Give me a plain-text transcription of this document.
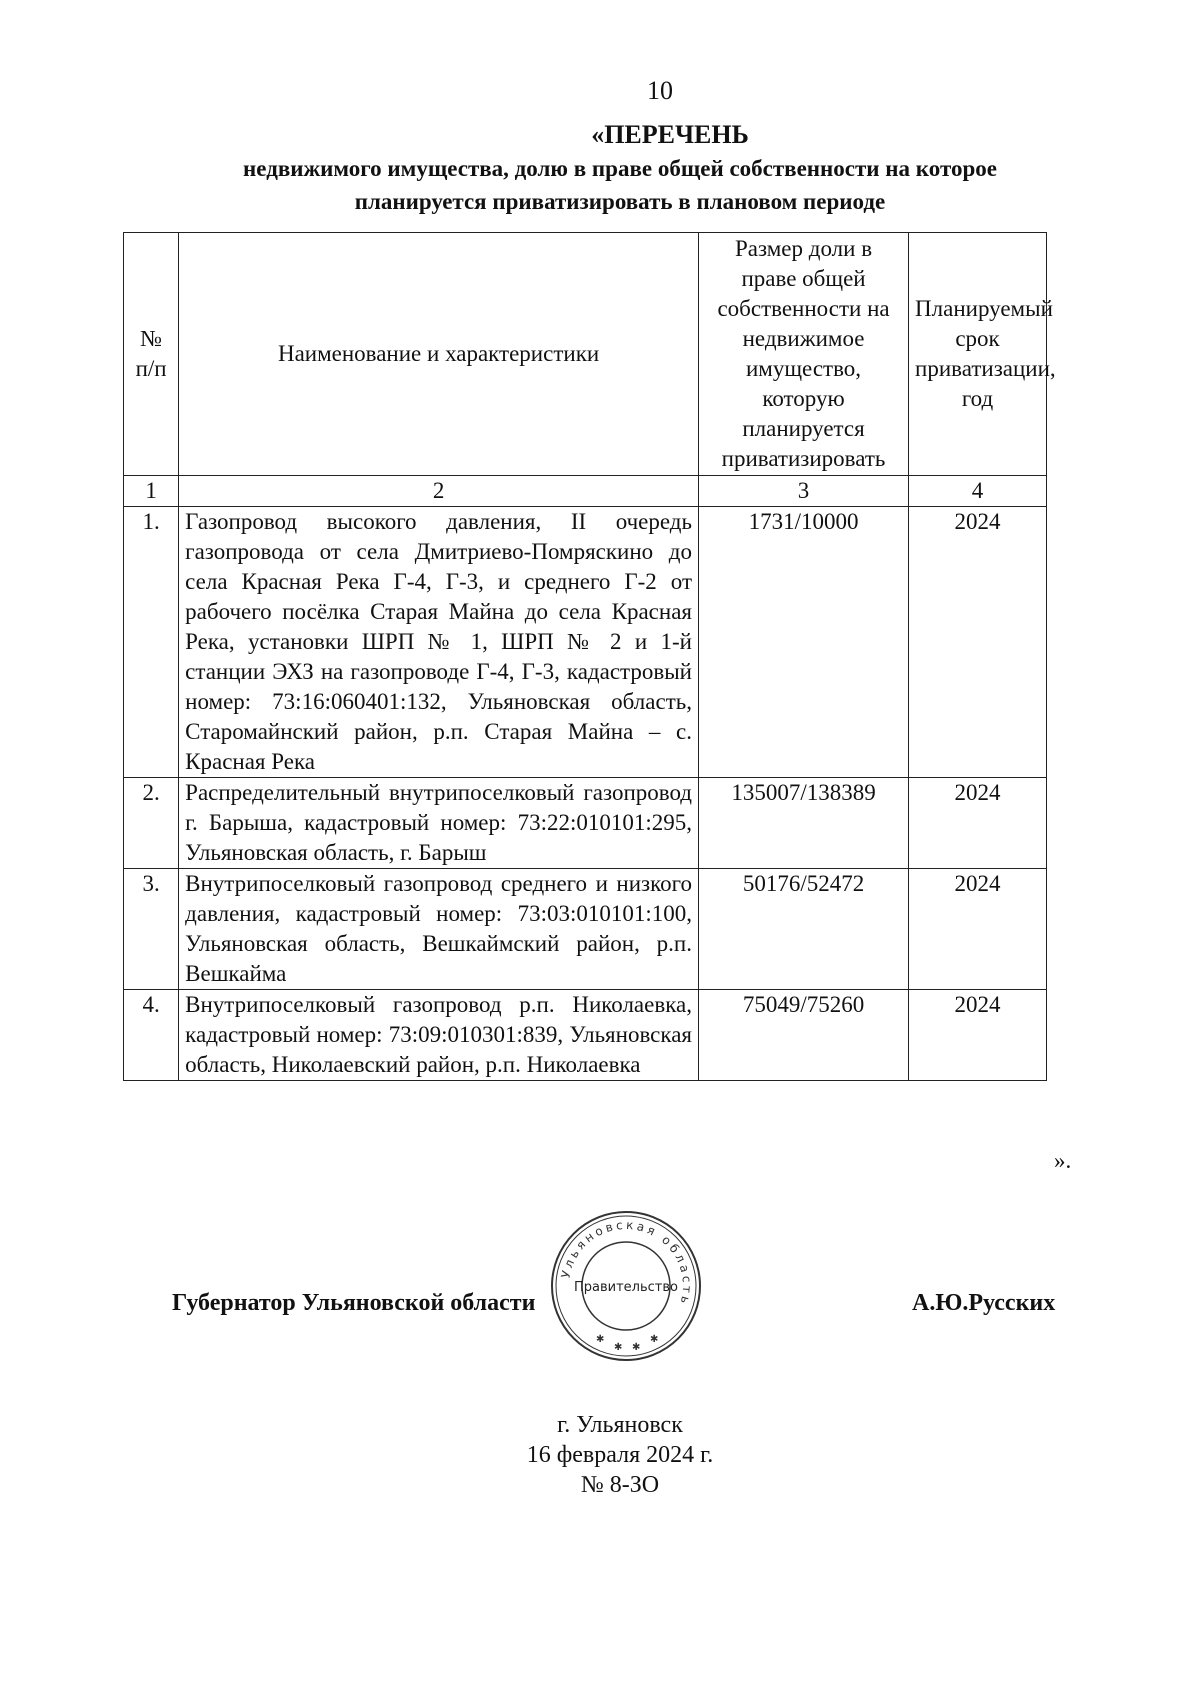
10
«ПЕРЕЧЕНЬ
недвижимого имущества, долю в праве общей собственности на которое
планируется приватизировать в плановом периоде
№ п/п	Наименование и характеристики	Размер доли в праве общей собственности на недвижимое имущество, которую планируется приватизировать	Планируемый срок приватизации, год
1	2	3	4
1.	Газопровод высокого давления, II очередь газопровода от села Дмитриево-Помряскино до села Красная Река Г-4, Г-3, и среднего Г-2 от рабочего посёлка Старая Майна до села Красная Река, установки ШРП № 1, ШРП № 2 и 1-й станции ЭХЗ на газопроводе Г-4, Г-3, кадастровый номер: 73:16:060401:132, Ульяновская область, Старомайнский район, р.п. Старая Майна – с. Красная Река	1731/10000	2024
2.	Распределительный внутрипоселковый газопровод г. Барыша, кадастровый номер: 73:22:010101:295, Ульяновская область, г. Барыш	135007/138389	2024
3.	Внутрипоселковый газопровод среднего и низкого давления, кадастровый номер: 73:03:010101:100, Ульяновская область, Вешкаймский район, р.п. Вешкайма	50176/52472	2024
4.	Внутрипоселковый газопровод р.п. Николаевка, кадастровый номер: 73:09:010301:839, Ульяновская область, Николаевский район, р.п. Николаевка	75049/75260	2024
».
Губернатор Ульяновской области
Ульяновская область
Правительство
✱ ✱
✱	✱
А.Ю.Русских
г. Ульяновск
16 февраля 2024 г.
№ 8-ЗО
